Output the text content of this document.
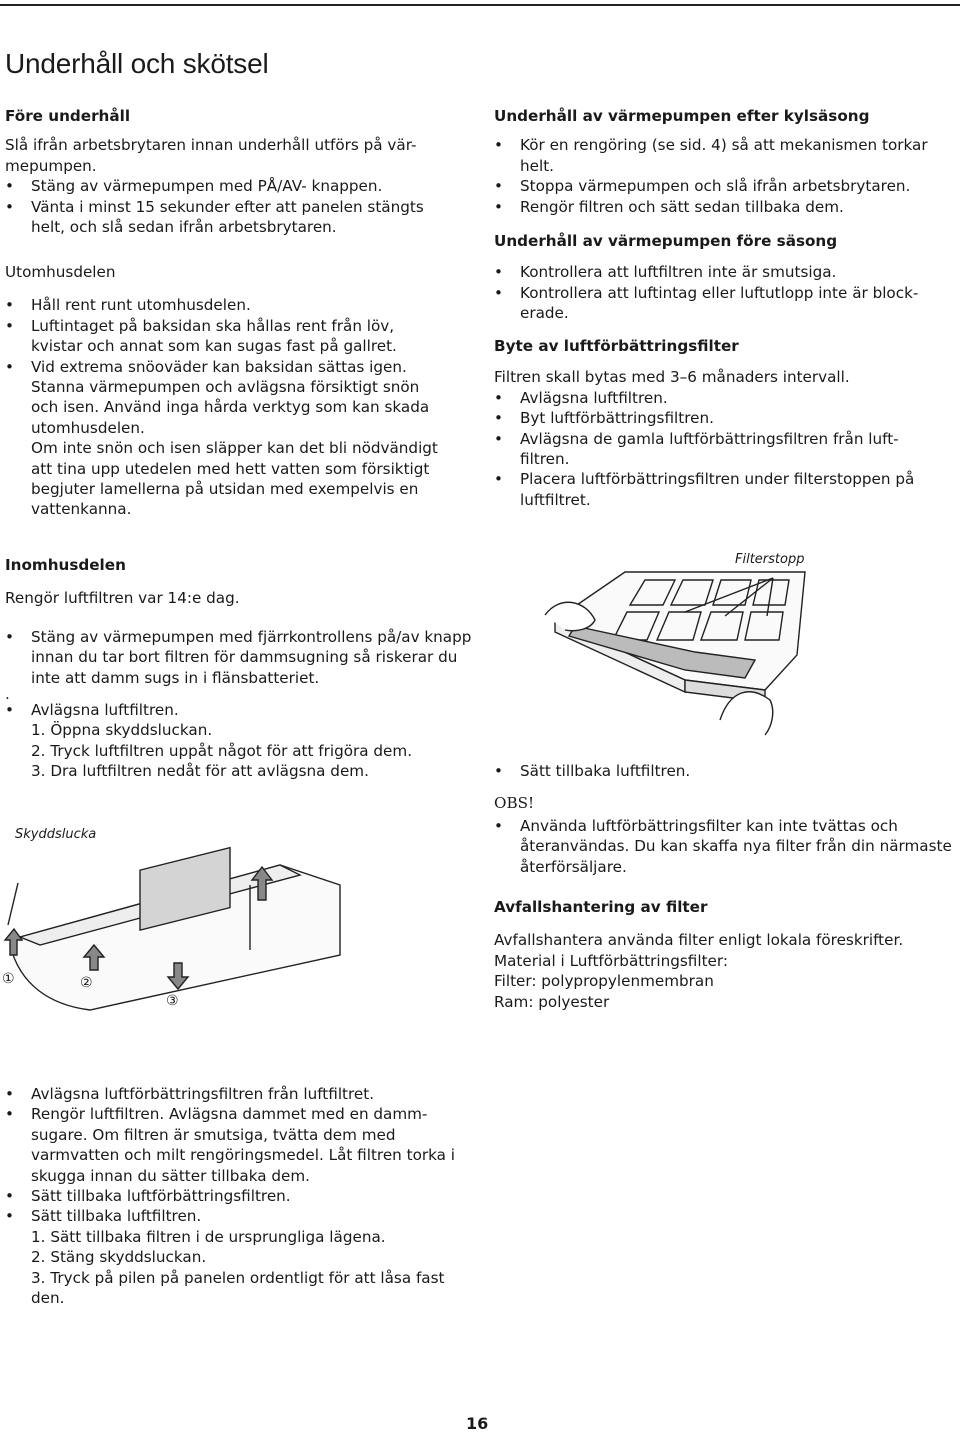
Underhåll och skötsel

Före underhåll

Slå ifrån arbetsbrytaren innan underhåll utförs på vär-
mepumpen.

• Stäng av värmepumpen med PÅ/AV- knappen.
• Vänta i minst 15 sekunder efter att panelen stängts helt, och slå sedan ifrån arbetsbrytaren.

Utomhusdelen

• Håll rent runt utomhusdelen.
• Luftintaget på baksidan ska hållas rent från löv, kvistar och annat som kan sugas fast på gallret.
• Vid extrema snöoväder kan baksidan sättas igen.

Stanna värmepumpen och avlägsna försiktigt snön och isen. Använd inga hårda verktyg som kan skada utomhusdelen.

Om inte snön och isen släpper kan det bli nödvändigt att tina upp utedelen med hett vatten som försiktigt begjuter lamellerna på utsidan med exempelvis en vattenkanna.

Underhåll av värmepumpen efter kylsäsong

• Kör en rengöring (se sid. 4) så att mekanismen torkar helt.
• Stoppa värmepumpen och slå ifrån arbetsbrytaren.
• Rengör filtren och sätt sedan tillbaka dem.

Underhåll av värmepumpen före säsong

• Kontrollera att luftfiltren inte är smutsiga.
• Kontrollera att luftintag eller luftutlopp inte är block-
erade.

Byte av luftförbättringsfilter

Filtren skall bytas med 3–6 månaders intervall.

• Avlägsna luftfiltren.
• Byt luftförbättringsfiltren.
• Avlägsna de gamla luftförbättringsfiltren från luft-
filtren.
• Placera luftförbättringsfiltren under filterstoppen på luftfiltret.

Inomhusdelen

Rengör luftfiltren var 14:e dag.

• Stäng av värmepumpen med fjärrkontrollens på/av knapp innan du tar bort filtren för dammsugning så riskerar du inte att damm sugs in i flänsbatteriet.

.

• Avlägsna luftfiltren.

1. Öppna skyddsluckan.

2. Tryck luftfiltren uppåt något för att frigöra dem.

3. Dra luftfiltren nedåt för att avlägsna dem.

Filterstopp
Skyddslucka
①	②
③
• Sätt tillbaka luftfiltren.

OBS!

• Använda luftförbättringsfilter kan inte tvättas och återanvändas. Du kan skaffa nya filter från din närmaste återförsäljare.

Avfallshantering av filter

Avfallshantera använda filter enligt lokala föreskrifter.

Material i Luftförbättringsfilter:

Filter: polypropylenmembran

Ram: polyester

• Avlägsna luftförbättringsfiltren från luftfiltret.
• Rengör luftfiltren. Avlägsna dammet med en damm-
sugare. Om filtren är smutsiga, tvätta dem med varmvatten och milt rengöringsmedel. Låt filtren torka i skugga innan du sätter tillbaka dem.
• Sätt tillbaka luftförbättringsfiltren.
• Sätt tillbaka luftfiltren.

1. Sätt tillbaka filtren i de ursprungliga lägena.

2. Stäng skyddsluckan.

3. Tryck på pilen på panelen ordentligt för att låsa fast den.

16
